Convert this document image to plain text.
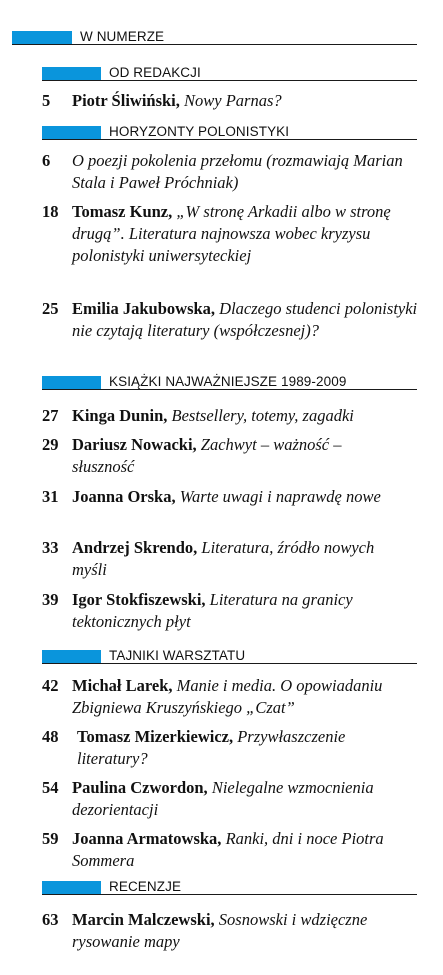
W NUMERZE
OD REDAKCJI
5 Piotr Śliwiński, Nowy Parnas?
HORYZONTY POLONISTYKI
6 O poezji pokolenia przełomu (rozmawiają Marian Stala i Paweł Próchniak)
18 Tomasz Kunz, „W stronę Arkadii albo w stronę drugą”. Literatura najnowsza wobec kryzysu polonistyki uniwersyteckiej
25 Emilia Jakubowska, Dlaczego studenci polonistyki nie czytają literatury (współczesnej)?
KSIĄŻKI NAJWAŻNIEJSZE 1989-2009
27 Kinga Dunin, Bestsellery, totemy, zagadki
29 Dariusz Nowacki, Zachwyt – ważność – słuszność
31 Joanna Orska, Warte uwagi i naprawdę nowe
33 Andrzej Skrendo, Literatura, źródło nowych myśli
39 Igor Stokfiszewski, Literatura na granicy tektonicznych płyt
TAJNIKI WARSZTATU
42 Michał Larek, Manie i media. O opowiadaniu Zbigniewa Kruszyńskiego „Czat”
48 Tomasz Mizerkiewicz, Przywłaszczenie literatury?
54 Paulina Czwordon, Nielegalne wzmocnienia dezorientacji
59 Joanna Armatowska, Ranki, dni i noce Piotra Sommera
RECENZJE
63 Marcin Malczewski, Sosnowski i wdzięczne rysowanie mapy
